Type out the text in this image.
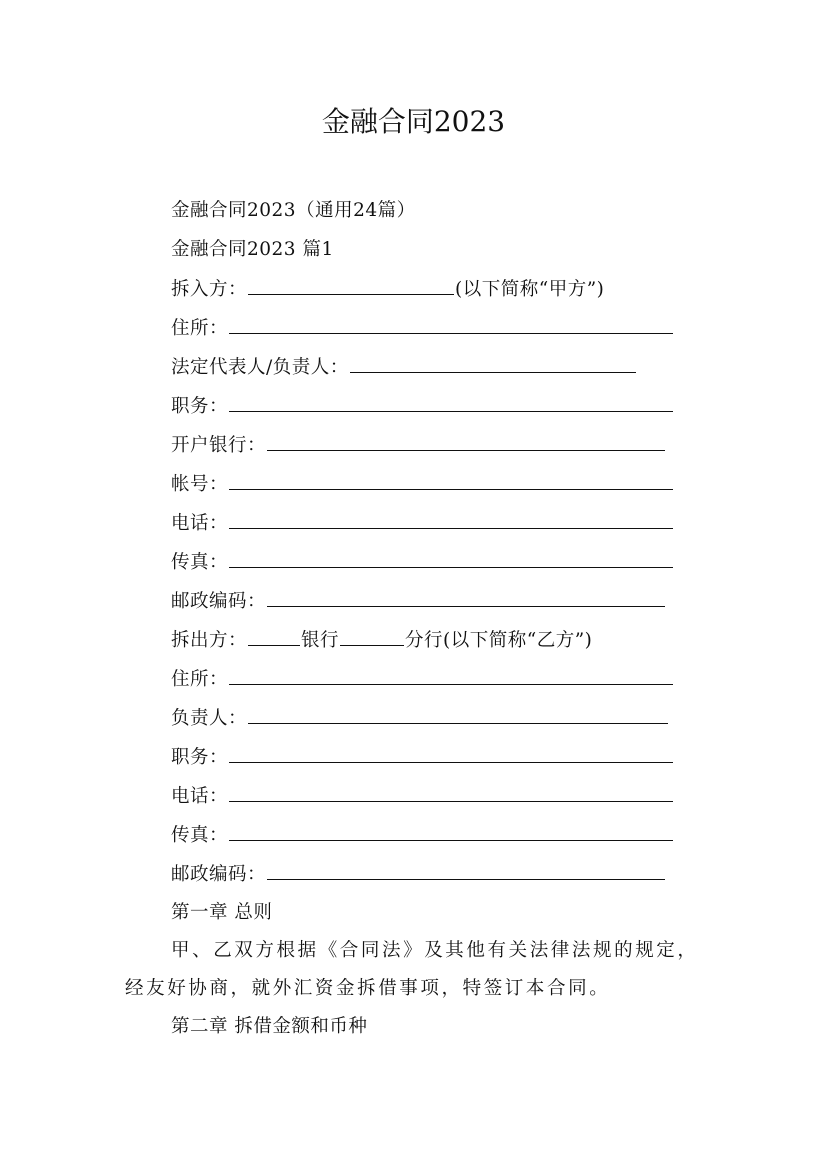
金融合同2023
金融合同2023（通用24篇）
金融合同2023 篇1
拆入方：	(以下简称“甲方”)
住所：
法定代表人/负责人：
职务：
开户银行：
帐号：
电话：
传真：
邮政编码：
拆出方：	银行	分行(以下简称“乙方”)
住所：
负责人：
职务：
电话：
传真：
邮政编码：
第一章 总则
甲、乙双方根据《合同法》及其他有关法律法规的规定，经友好协商，就外汇资金拆借事项，特签订本合同。
第二章 拆借金额和币种
